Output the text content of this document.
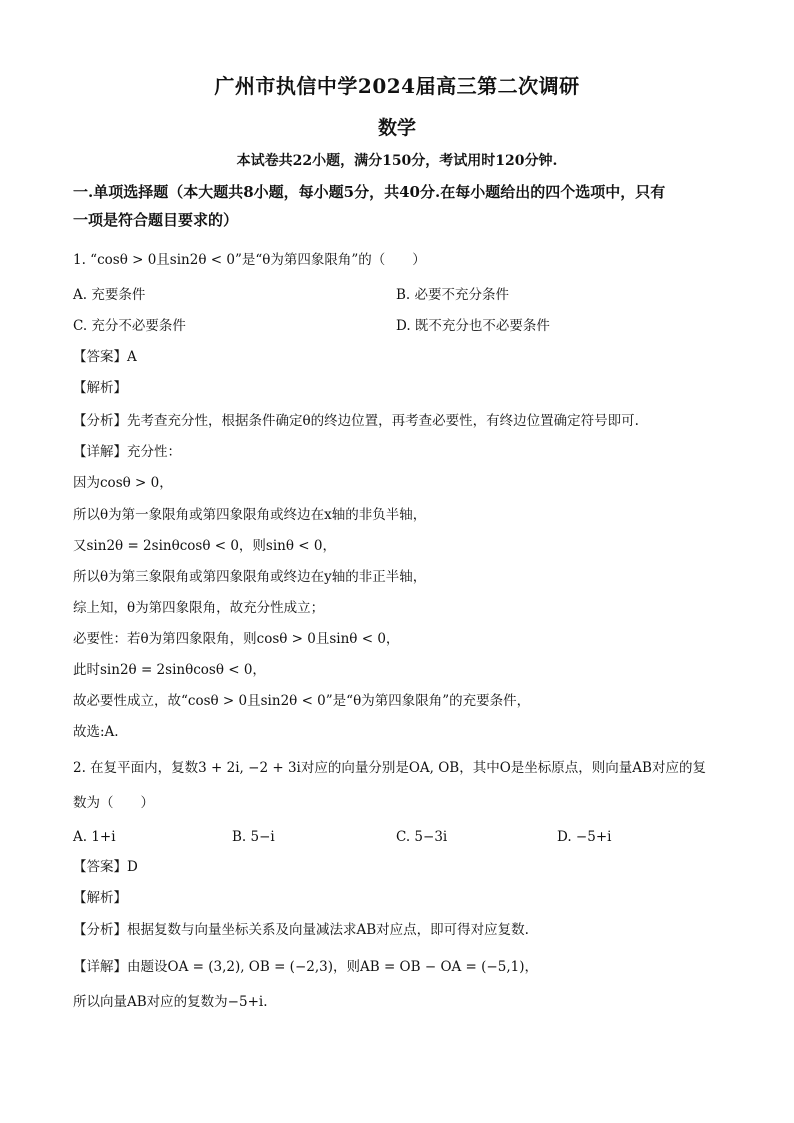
广州市执信中学2024届高三第二次调研
数学
本试卷共22小题，满分150分，考试用时120分钟.
一.单项选择题（本大题共8小题，每小题5分，共40分.在每小题给出的四个选项中，只有
一项是符合题目要求的）
1. “cosθ > 0且sin2θ < 0”是“θ为第四象限角”的（　　）
A. 充要条件	B. 必要不充分条件
C. 充分不必要条件	D. 既不充分也不必要条件
【答案】A
【解析】
【分析】先考查充分性，根据条件确定θ的终边位置，再考查必要性，有终边位置确定符号即可.
【详解】充分性：
因为cosθ > 0，
所以θ为第一象限角或第四象限角或终边在x轴的非负半轴，
又sin2θ = 2sinθcosθ < 0，则sinθ < 0，
所以θ为第三象限角或第四象限角或终边在y轴的非正半轴，
综上知，θ为第四象限角，故充分性成立；
必要性：若θ为第四象限角，则cosθ > 0且sinθ < 0，
此时sin2θ = 2sinθcosθ < 0，
故必要性成立，故“cosθ > 0且sin2θ < 0”是“θ为第四象限角”的充要条件，
故选:A.
2. 在复平面内，复数3 + 2i, −2 + 3i对应的向量分别是OA, OB，其中O是坐标原点，则向量AB对应的复
数为（　　）
A. 1+i	B. 5−i	C. 5−3i	D. −5+i
【答案】D
【解析】
【分析】根据复数与向量坐标关系及向量减法求AB对应点，即可得对应复数.
【详解】由题设OA = (3,2), OB = (−2,3)，则AB = OB − OA = (−5,1)，
所以向量AB对应的复数为−5+i.
